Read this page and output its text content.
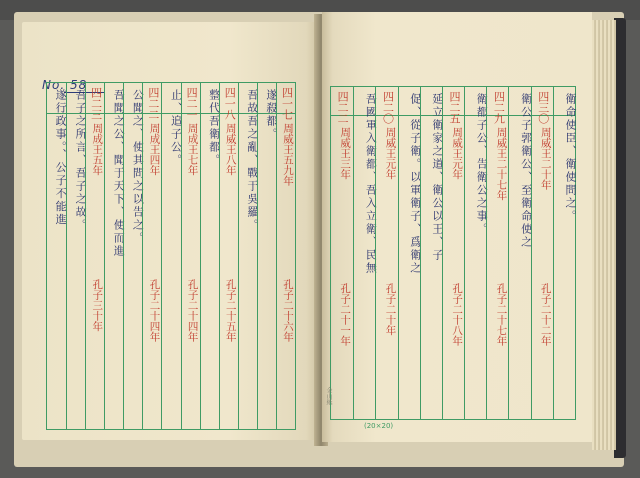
No. 58
遂行政事。、公子不能進 吾子之所言、吾子之故。 四二三
周成王五年
孔子三十年
吾聞之公、聞于天下、使而進 公聞之、使其問之以告之。 四二二
周成王四年
孔子二十四年
止、追子公。 四二一
周成王七年
孔子二十四年
整代吾衛都。 四一八
周威王八年
孔子二十五年
吾故吾之亂、戰于吳羅。 遂殺都。 四一七
周威王五九年
孔子二十六年
四二二
周威王三年
孔子二十一年
吾國軍入衛都、吾入立衛、民無 四二〇
周威王元年
孔子二十年
促、從子衛。以軍衛子、爲衛之 延立衛家之道、衛公以王、子 四二五
周威王元年
孔子二十八年
衛都子公、告衛公之事。 四二九
周威王二十七年
孔子二十七年
衛公子郭衛公、至衛命使之 四三〇
周威王二十年
孔子二十二年
衛命使臣、衛使問之。
(20×20)
金山紙
